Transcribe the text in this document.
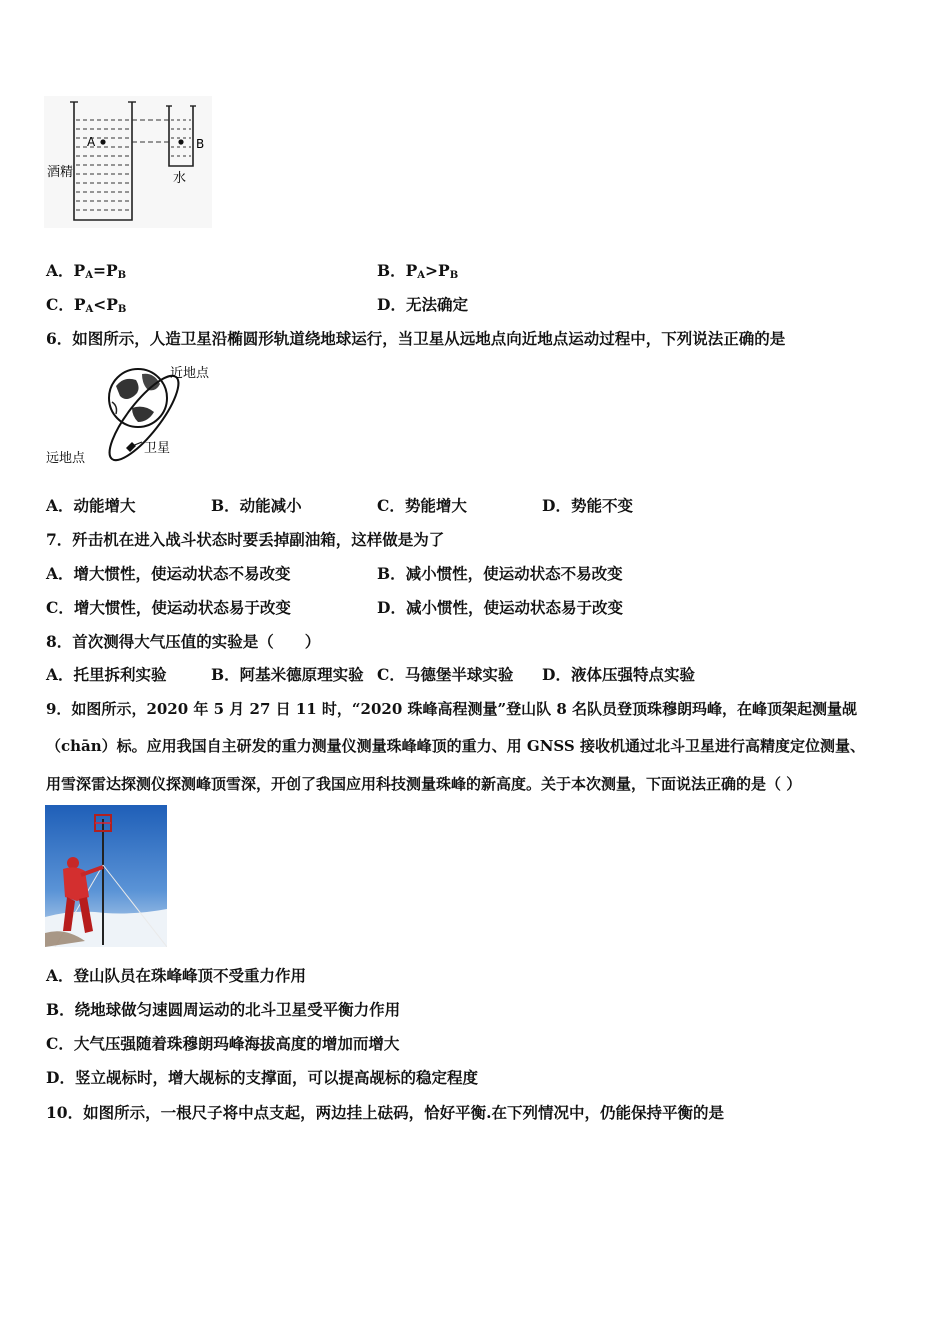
A	B
酒精	水
A．$P_A=P_B$	B．$P_A>P_B$
C．$P_A<P_B$	D．无法确定
6．如图所示，人造卫星沿椭圆形轨道绕地球运行，当卫星从远地点向近地点运动过程中，下列说法正确的是
近地点
远地点
卫星
A．动能增大	B．动能减小	C．势能增大	D．势能不变
7．歼击机在进入战斗状态时要丢掉副油箱，这样做是为了
A．增大惯性，使运动状态不易改变	B．减小惯性，使运动状态不易改变
C．增大惯性，使运动状态易于改变	D．减小惯性，使运动状态易于改变
8．首次测得大气压值的实验是（　　）
A．托里拆利实验	B．阿基米德原理实验 C．马德堡半球实验 D．液体压强特点实验
9．如图所示，2020 年 5 月 27 日 11 时，“2020 珠峰高程测量”登山队 8 名队员登顶珠穆朗玛峰，在峰顶架起测量觇
（chān）标。应用我国自主研发的重力测量仪测量珠峰峰顶的重力、用 GNSS 接收机通过北斗卫星进行高精度定位测量、
用雪深雷达探测仪探测峰顶雪深，开创了我国应用科技测量珠峰的新高度。关于本次测量，下面说法正确的是（ ）
A．登山队员在珠峰峰顶不受重力作用
B．绕地球做匀速圆周运动的北斗卫星受平衡力作用
C．大气压强随着珠穆朗玛峰海拔高度的增加而增大
D．竖立觇标时，增大觇标的支撑面，可以提高觇标的稳定程度
10．如图所示，一根尺子将中点支起，两边挂上砝码，恰好平衡.在下列情况中，仍能保持平衡的是
